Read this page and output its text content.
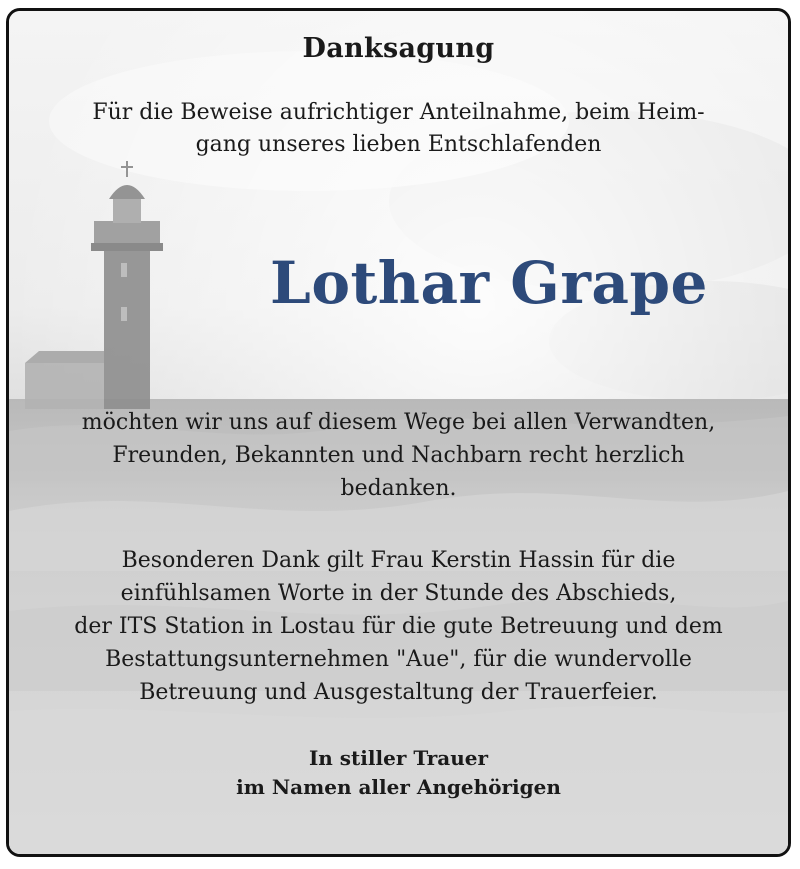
Danksagung
Für die Beweise aufrichtiger Anteilnahme, beim Heim-
gang unseres lieben Entschlafenden
Lothar Grape
möchten wir uns auf diesem Wege bei allen Verwandten,
Freunden, Bekannten und Nachbarn recht herzlich
bedanken.
Besonderen Dank gilt Frau Kerstin Hassin für die
einfühlsamen Worte in der Stunde des Abschieds,
der ITS Station in Lostau für die gute Betreuung und dem
Bestattungsunternehmen "Aue", für die wundervolle
Betreuung und Ausgestaltung der Trauerfeier.
In stiller Trauer
im Namen aller Angehörigen
